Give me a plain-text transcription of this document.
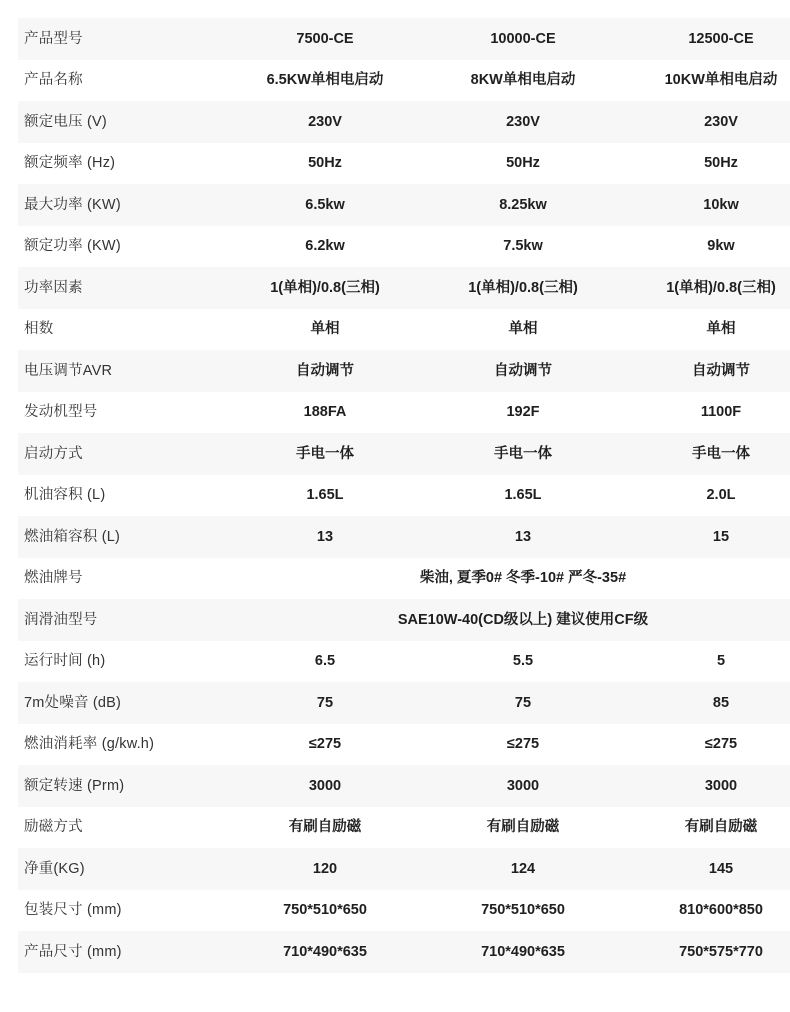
产品型号	7500-CE	10000-CE	12500-CE
产品名称	6.5KW单相电启动	8KW单相电启动	10KW单相电启动
额定电压 (V)	230V	230V	230V
额定频率 (Hz)	50Hz	50Hz	50Hz
最大功率 (KW)	6.5kw	8.25kw	10kw
额定功率 (KW)	6.2kw	7.5kw	9kw
功率因素	1(单相)/0.8(三相)	1(单相)/0.8(三相)	1(单相)/0.8(三相)
相数	单相	单相	单相
电压调节AVR	自动调节	自动调节	自动调节
发动机型号	188FA	192F	1100F
启动方式	手电一体	手电一体	手电一体
机油容积 (L)	1.65L	1.65L	2.0L
燃油箱容积 (L)	13	13	15
燃油牌号	柴油, 夏季0# 冬季-10# 严冬-35#		
润滑油型号	SAE10W-40(CD级以上) 建议使用CF级		
运行时间 (h)	6.5	5.5	5
7m处噪音 (dB)	75	75	85
燃油消耗率 (g/kw.h)	≤275	≤275	≤275
额定转速 (Prm)	3000	3000	3000
励磁方式	有刷自励磁	有刷自励磁	有刷自励磁
净重(KG)	120	124	145
包装尺寸 (mm)	750*510*650	750*510*650	810*600*850
产品尺寸 (mm)	710*490*635	710*490*635	750*575*770
